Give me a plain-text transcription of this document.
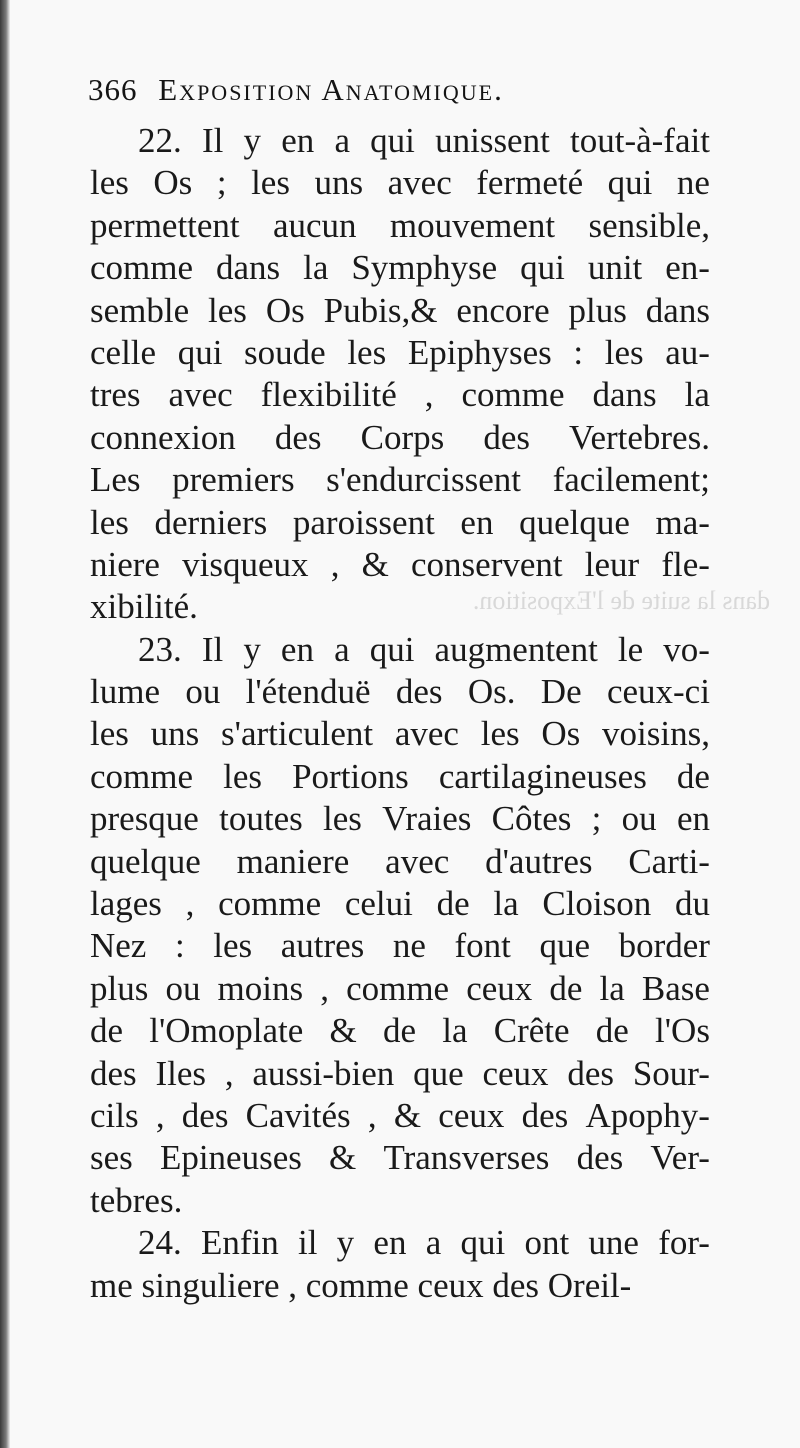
dans la suite de l'Exposition.

366 Exposition Anatomique.
22. Il y en a qui unissent tout-à-fait
les Os ; les uns avec fermeté qui ne
permettent aucun mouvement sensible,
comme dans la Symphyse qui unit en-
semble les Os Pubis,& encore plus dans
celle qui soude les Epiphyses : les au-
tres avec flexibilité , comme dans la
connexion des Corps des Vertebres.
Les premiers s'endurcissent facilement;
les derniers paroissent en quelque ma-
niere visqueux , & conservent leur fle-
xibilité.
23. Il y en a qui augmentent le vo-
lume ou l'étenduë des Os. De ceux-ci
les uns s'articulent avec les Os voisins,
comme les Portions cartilagineuses de
presque toutes les Vraies Côtes ; ou en
quelque maniere avec d'autres Carti-
lages , comme celui de la Cloison du
Nez : les autres ne font que border
plus ou moins , comme ceux de la Base
de l'Omoplate & de la Crête de l'Os
des Iles , aussi-bien que ceux des Sour-
cils , des Cavités , & ceux des Apophy-
ses Epineuses & Transverses des Ver-
tebres.
24. Enfin il y en a qui ont une for-
me singuliere , comme ceux des Oreil-
